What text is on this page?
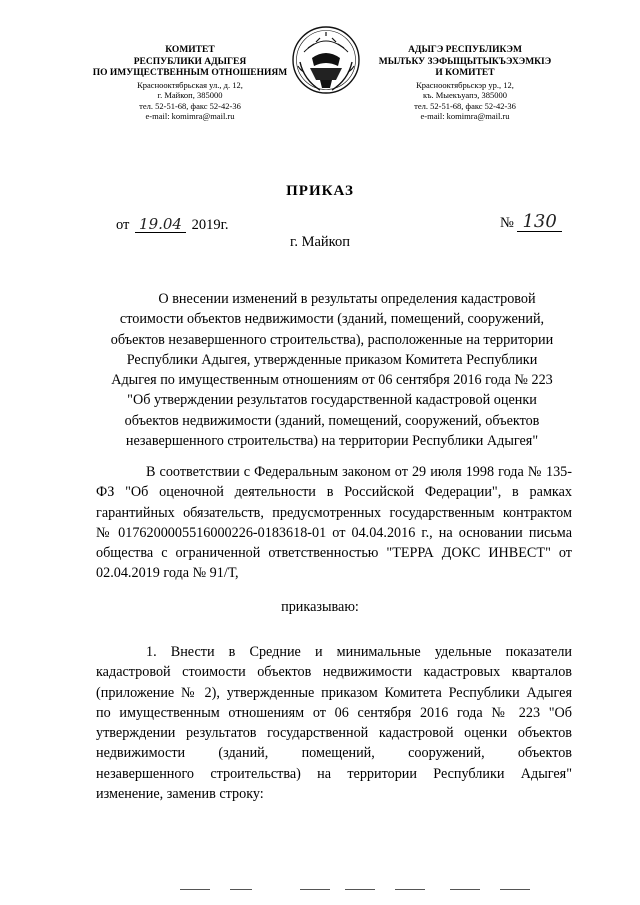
КОМИТЕТ
РЕСПУБЛИКИ АДЫГЕЯ
ПО ИМУЩЕСТВЕННЫМ ОТНОШЕНИЯМ
Краснооктябрьская ул., д. 12,
г. Майкоп, 385000
тел. 52-51-68, факс 52-42-36
e-mail: komimra@mail.ru
АДЫГЭ РЕСПУБЛИКЭМ
МЫЛЪКУ ЗЭФЫЩЫТЫКЪЭХЭМКIЭ
И КОМИТЕТ
Краснооктябрьскэр ур., 12,
къ. Мыекъуапэ, 385000
тел. 52-51-68, факс 52-42-36
e-mail: komimra@mail.ru
ПРИКАЗ
от 19.04 2019г.	№ 130
г. Майкоп
О внесении изменений в результаты определения кадастровой
стоимости объектов недвижимости (зданий, помещений, сооружений,
объектов незавершенного строительства), расположенные на территории
Республики Адыгея, утвержденные приказом Комитета Республики
Адыгея по имущественным отношениям от 06 сентября 2016 года № 223
"Об утверждении результатов государственной кадастровой оценки
объектов недвижимости (зданий, помещений, сооружений, объектов
незавершенного строительства) на территории Республики Адыгея"
В соответствии с Федеральным законом от 29 июля 1998 года № 135-
ФЗ "Об оценочной деятельности в Российской Федерации", в рамках
гарантийных обязательств, предусмотренных государственным контрактом
№ 0176200005516000226-0183618-01 от 04.04.2016 г., на основании письма
общества с ограниченной ответственностью "ТЕРРА ДОКС ИНВЕСТ" от
02.04.2019 года № 91/Т,
приказываю:
1. Внести в Средние и минимальные удельные показатели
кадастровой стоимости объектов недвижимости кадастровых кварталов
(приложение № 2), утвержденные приказом Комитета Республики Адыгея
по имущественным отношениям от 06 сентября 2016 года № 223 "Об
утверждении результатов государственной кадастровой оценки объектов
недвижимости (зданий, помещений, сооружений, объектов
незавершенного строительства) на территории Республики Адыгея"
изменение, заменив строку:
